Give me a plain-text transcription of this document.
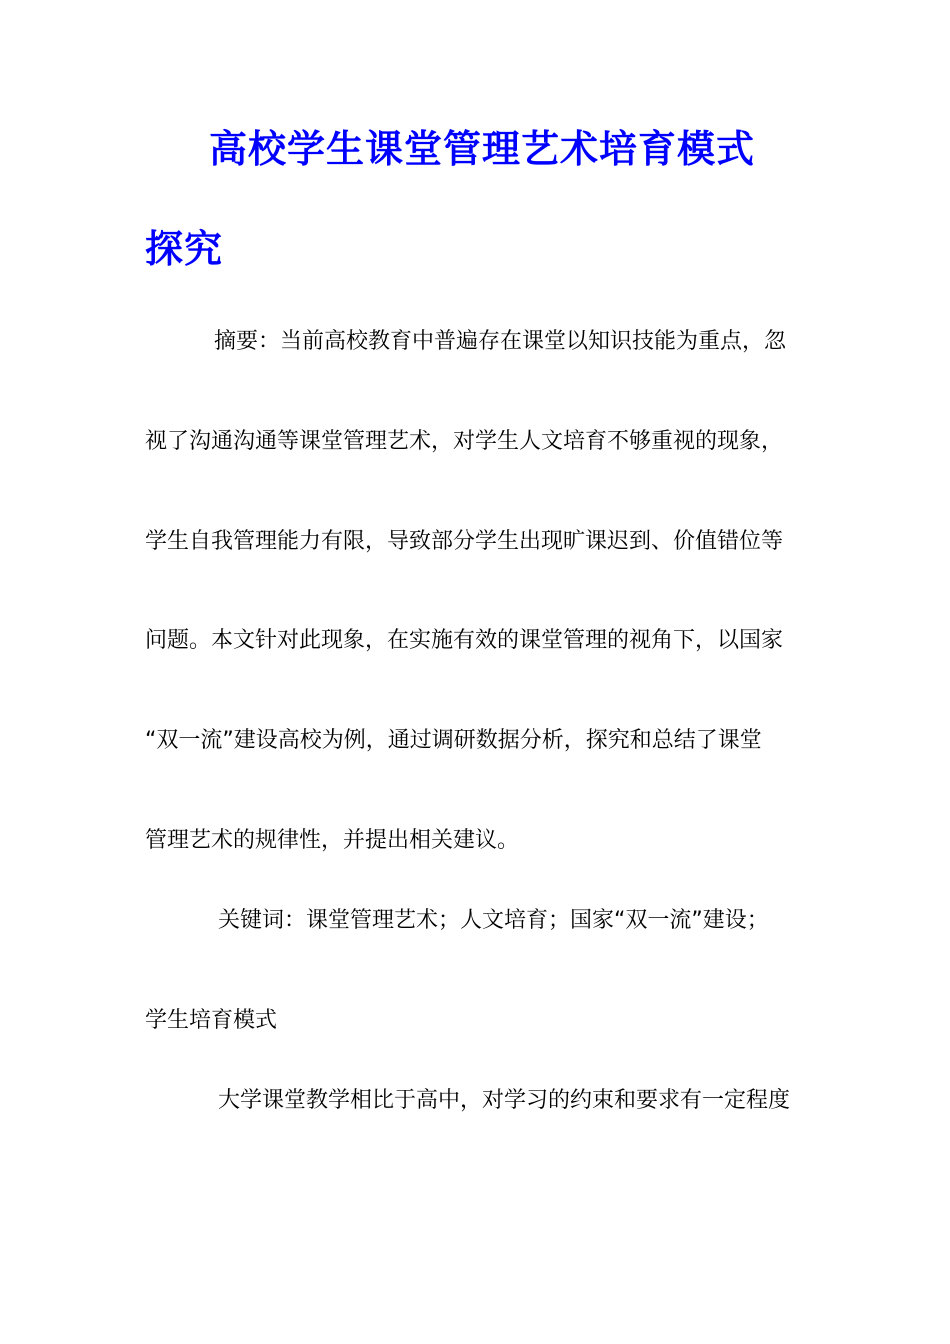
高校学生课堂管理艺术培育模式
探究

摘要：当前高校教育中普遍存在课堂以知识技能为重点，忽

视了沟通沟通等课堂管理艺术，对学生人文培育不够重视的现象，

学生自我管理能力有限，导致部分学生出现旷课迟到、价值错位等

问题。本文针对此现象，在实施有效的课堂管理的视角下，以国家

“双一流”建设高校为例，通过调研数据分析，探究和总结了课堂

管理艺术的规律性，并提出相关建议。

关键词：课堂管理艺术；人文培育；国家“双一流”建设；

学生培育模式

大学课堂教学相比于高中，对学习的约束和要求有一定程度
